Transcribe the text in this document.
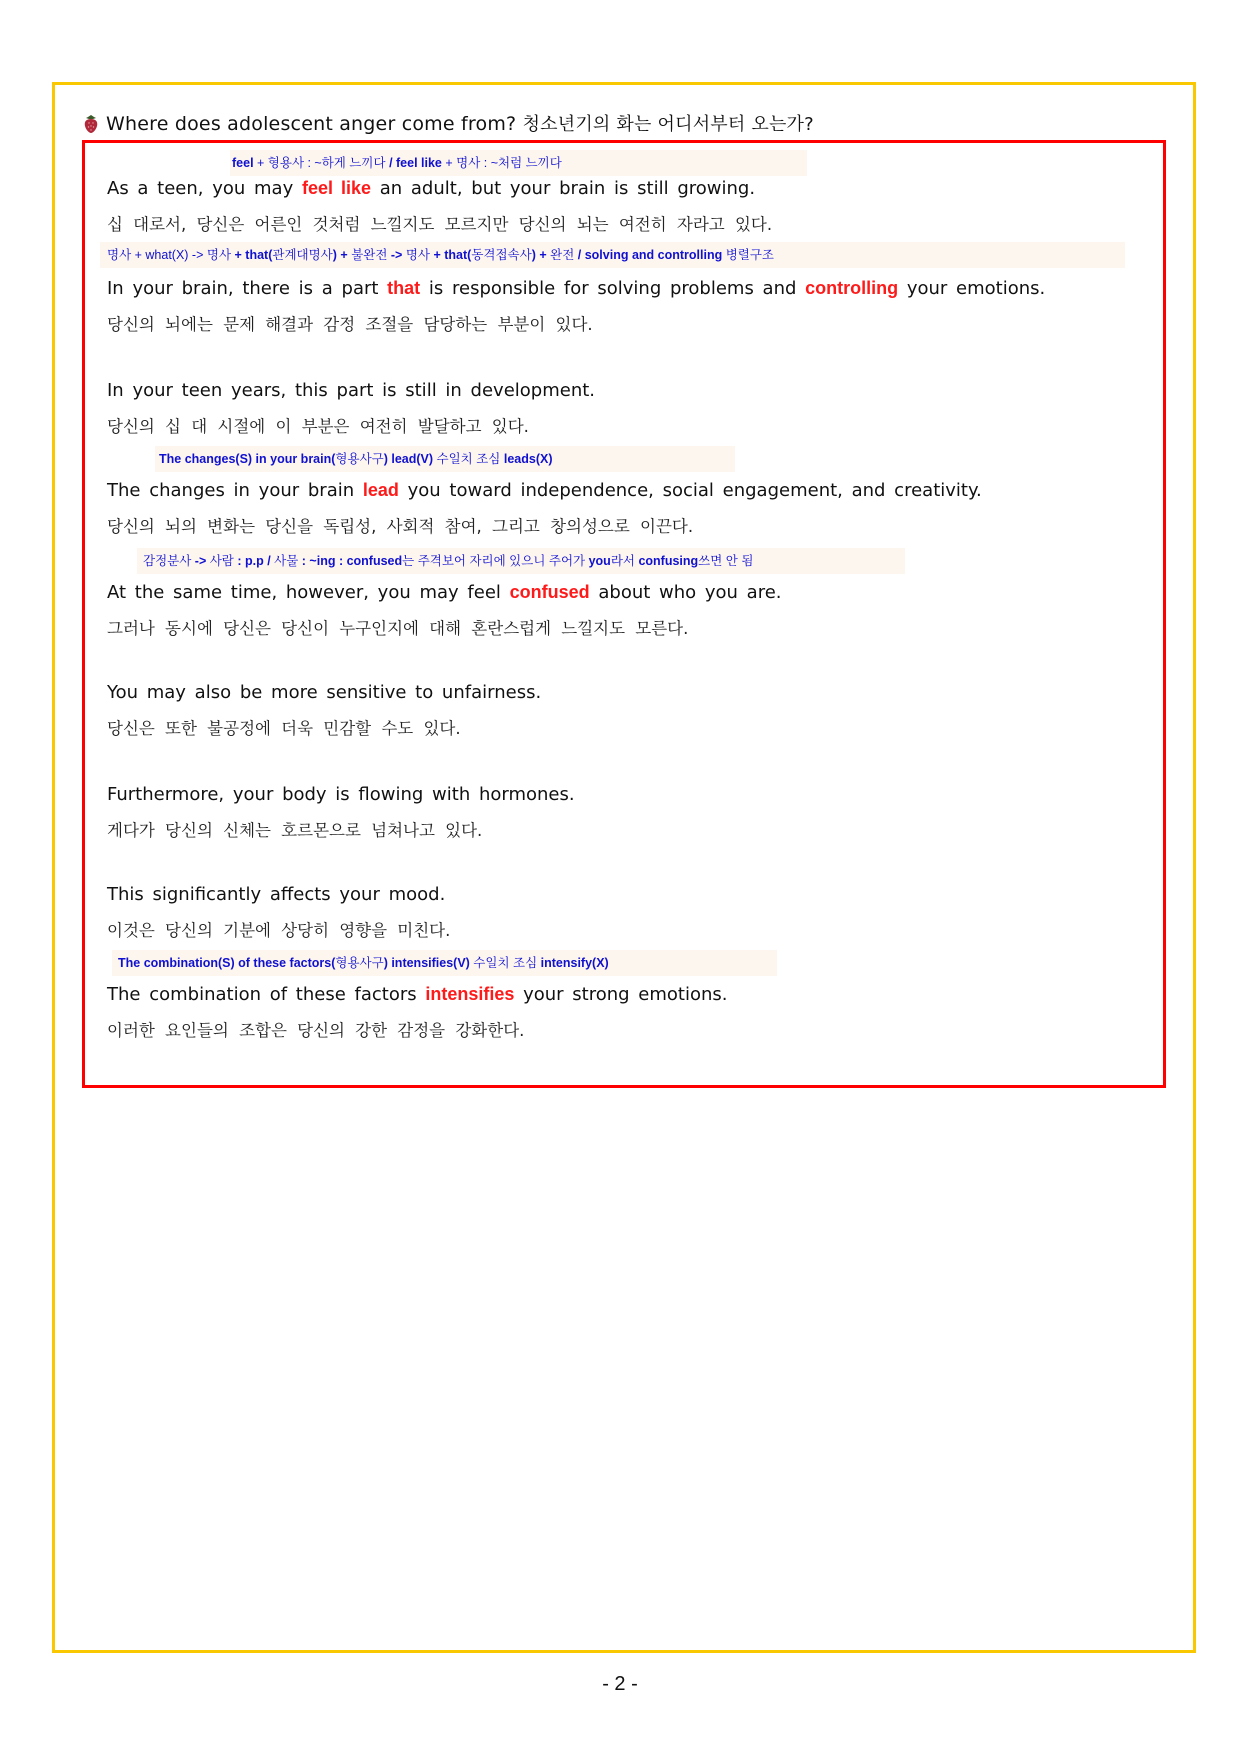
Where does adolescent anger come from? 청소년기의 화는 어디서부터 오는가?
feel + 형용사 : ~하게 느끼다 / feel like + 명사 : ~처럼 느끼다
As a teen, you may feel like an adult, but your brain is still growing.
십 대로서, 당신은 어른인 것처럼 느낄지도 모르지만 당신의 뇌는 여전히 자라고 있다.
명사 + what(X) -> 명사 + that(관계대명사) + 불완전 -> 명사 + that(동격접속사) + 완전 / solving and controlling 병렬구조
In your brain, there is a part that is responsible for solving problems and controlling your emotions.
당신의 뇌에는 문제 해결과 감정 조절을 담당하는 부분이 있다.
In your teen years, this part is still in development.
당신의 십 대 시절에 이 부분은 여전히 발달하고 있다.
The changes(S) in your brain(형용사구) lead(V) 수일치 조심 leads(X)
The changes in your brain lead you toward independence, social engagement, and creativity.
당신의 뇌의 변화는 당신을 독립성, 사회적 참여, 그리고 창의성으로 이끈다.
감정분사 -> 사람 : p.p / 사물 : ~ing : confused는 주격보어 자리에 있으니 주어가 you라서 confusing쓰면 안 됨
At the same time, however, you may feel confused about who you are.
그러나 동시에 당신은 당신이 누구인지에 대해 혼란스럽게 느낄지도 모른다.
You may also be more sensitive to unfairness.
당신은 또한 불공정에 더욱 민감할 수도 있다.
Furthermore, your body is flowing with hormones.
게다가 당신의 신체는 호르몬으로 넘쳐나고 있다.
This significantly affects your mood.
이것은 당신의 기분에 상당히 영향을 미친다.
The combination(S) of these factors(형용사구) intensifies(V) 수일치 조심 intensify(X)
The combination of these factors intensifies your strong emotions.
이러한 요인들의 조합은 당신의 강한 감정을 강화한다.
- 2 -
